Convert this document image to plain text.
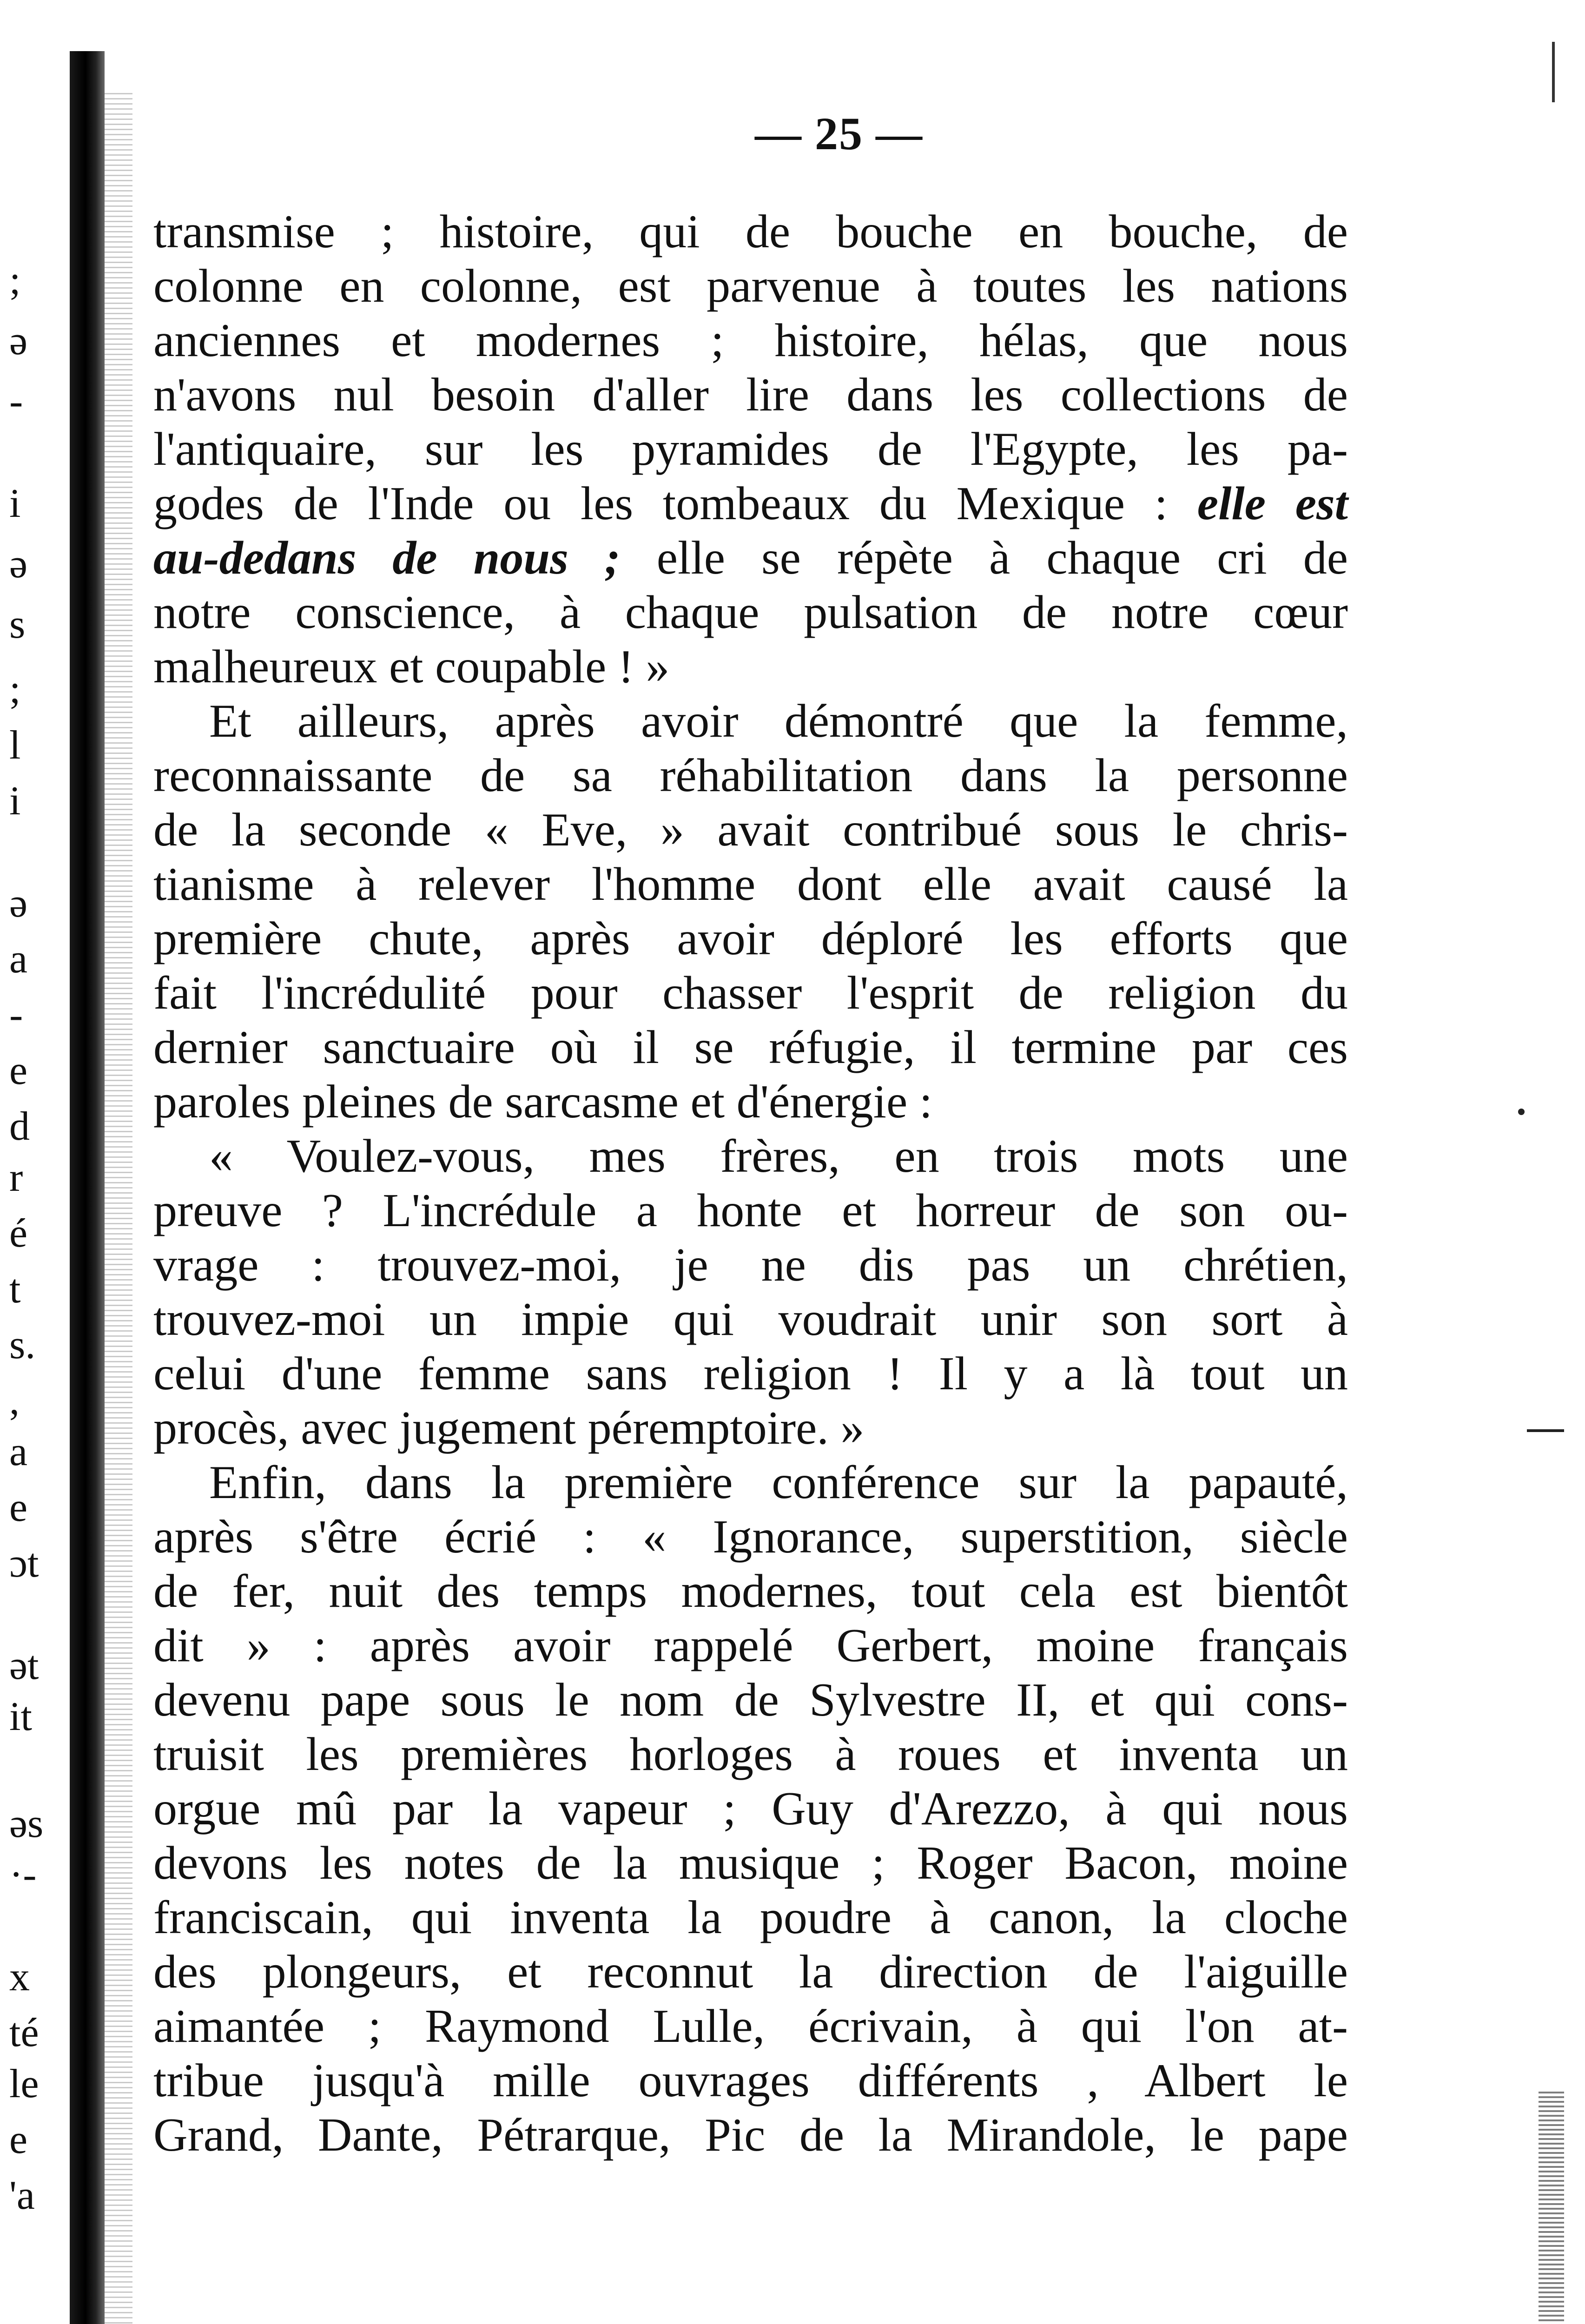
;
ə
-
i
ə
s
;
l
i
ə
a
-
e
d
r
é
t
s.
,
a
e
ɔt
ət
it
əs
·-
x
té
le
e
'a
— 25 —

transmise ; histoire, qui de bouche en bouche, de
colonne en colonne, est parvenue à toutes les nations
anciennes et modernes ; histoire, hélas, que nous
n'avons nul besoin d'aller lire dans les collections de
l'antiquaire, sur les pyramides de l'Egypte, les pa-
godes de l'Inde ou les tombeaux du Mexique : elle est
au-dedans de nous ; elle se répète à chaque cri de
notre conscience, à chaque pulsation de notre cœur
malheureux et coupable ! »

Et ailleurs, après avoir démontré que la femme,
reconnaissante de sa réhabilitation dans la personne
de la seconde « Eve, » avait contribué sous le chris-
tianisme à relever l'homme dont elle avait causé la
première chute, après avoir déploré les efforts que
fait l'incrédulité pour chasser l'esprit de religion du
dernier sanctuaire où il se réfugie, il termine par ces
paroles pleines de sarcasme et d'énergie :

« Voulez-vous, mes frères, en trois mots une
preuve ? L'incrédule a honte et horreur de son ou-
vrage : trouvez-moi, je ne dis pas un chrétien,
trouvez-moi un impie qui voudrait unir son sort à
celui d'une femme sans religion ! Il y a là tout un
procès, avec jugement péremptoire. »

Enfin, dans la première conférence sur la papauté,
après s'être écrié : « Ignorance, superstition, siècle
de fer, nuit des temps modernes, tout cela est bientôt
dit » : après avoir rappelé Gerbert, moine français
devenu pape sous le nom de Sylvestre II, et qui cons-
truisit les premières horloges à roues et inventa un
orgue mû par la vapeur ; Guy d'Arezzo, à qui nous
devons les notes de la musique ; Roger Bacon, moine
franciscain, qui inventa la poudre à canon, la cloche
des plongeurs, et reconnut la direction de l'aiguille
aimantée ; Raymond Lulle, écrivain, à qui l'on at-
tribue jusqu'à mille ouvrages différents , Albert le
Grand, Dante, Pétrarque, Pic de la Mirandole, le pape
